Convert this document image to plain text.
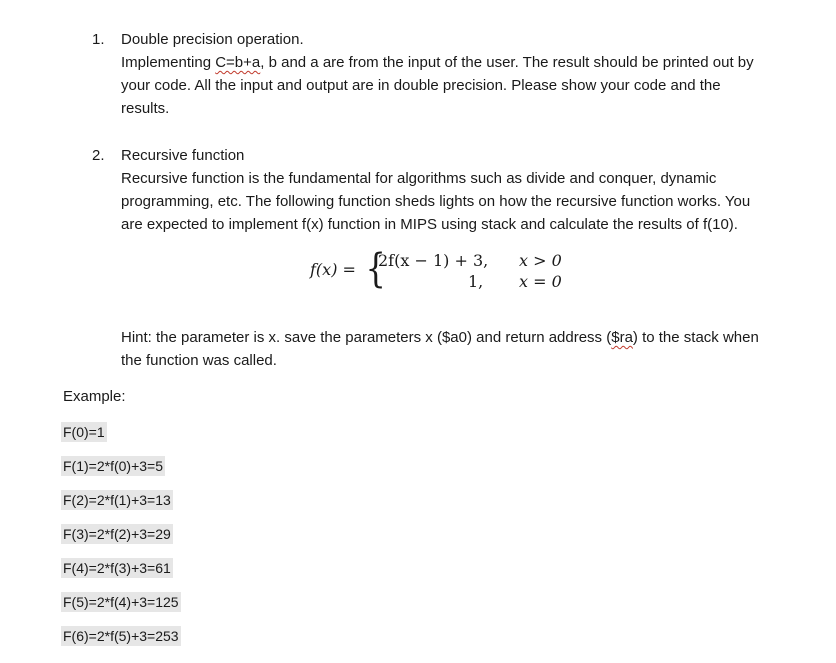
1. Double precision operation.
Implementing C=b+a, b and a are from the input of the user. The result should be printed out by
your code. All the input and output are in double precision. Please show your code and the
results.
2. Recursive function
Recursive function is the fundamental for algorithms such as divide and conquer, dynamic
programming, etc. The following function sheds lights on how the recursive function works. You
are expected to implement f(x) function in MIPS using stack and calculate the results of f(10).
f(x) = {
2f(x − 1) + 3, x > 0
1, x = 0
Hint: the parameter is x. save the parameters x ($a0) and return address ($ra) to the stack when
the function was called.
Example:
F(0)=1
F(1)=2*f(0)+3=5
F(2)=2*f(1)+3=13
F(3)=2*f(2)+3=29
F(4)=2*f(3)+3=61
F(5)=2*f(4)+3=125
F(6)=2*f(5)+3=253
